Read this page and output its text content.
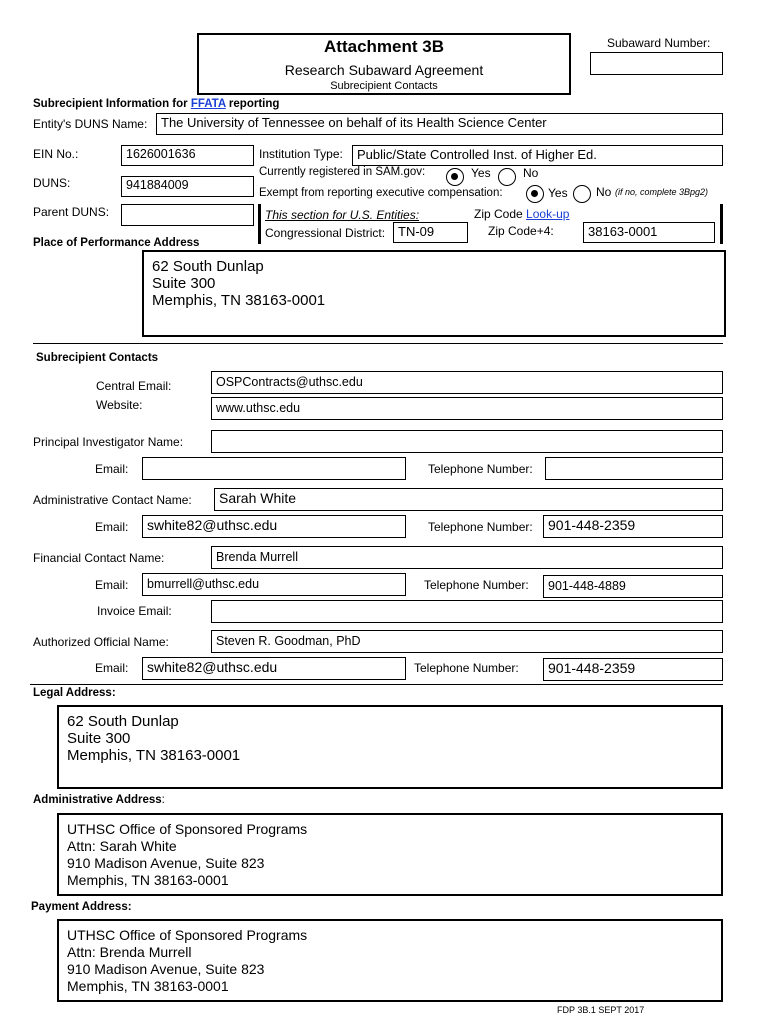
Attachment 3B
Research Subaward Agreement
Subrecipient Contacts
Subaward Number:
Subrecipient Information for FFATA reporting
Entity's DUNS Name:	The University of Tennessee on behalf of its Health Science Center
EIN No.:	1626001636
DUNS:	941884009
Parent DUNS:
Institution Type:	Public/State Controlled Inst. of Higher Ed.
Currently registered in SAM.gov:	Yes	No
Exempt from reporting executive compensation:	Yes No (if no, complete 3Bpg2)
This section for U.S. Entities:	Zip Code Look-up
Congressional District: TN-09	Zip Code+4:	38163-0001
Place of Performance Address
62 South Dunlap
Suite 300
Memphis, TN 38163-0001
Subrecipient Contacts
Central Email:	OSPContracts@uthsc.edu
Website:	www.uthsc.edu
Principal Investigator Name:
Email:	Telephone Number:
Administrative Contact Name:	Sarah White
Email:	swhite82@uthsc.edu	Telephone Number:	901-448-2359
Financial Contact Name:	Brenda Murrell
Email:	bmurrell@uthsc.edu	Telephone Number:	901-448-4889
Invoice Email:
Authorized Official Name:	Steven R. Goodman, PhD
Email:	swhite82@uthsc.edu	Telephone Number:	901-448-2359
Legal Address:
62 South Dunlap
Suite 300
Memphis, TN 38163-0001
Administrative Address:
UTHSC Office of Sponsored Programs
Attn: Sarah White
910 Madison Avenue, Suite 823
Memphis, TN 38163-0001
Payment Address:
UTHSC Office of Sponsored Programs
Attn: Brenda Murrell
910 Madison Avenue, Suite 823
Memphis, TN 38163-0001
FDP 3B.1 SEPT 2017
